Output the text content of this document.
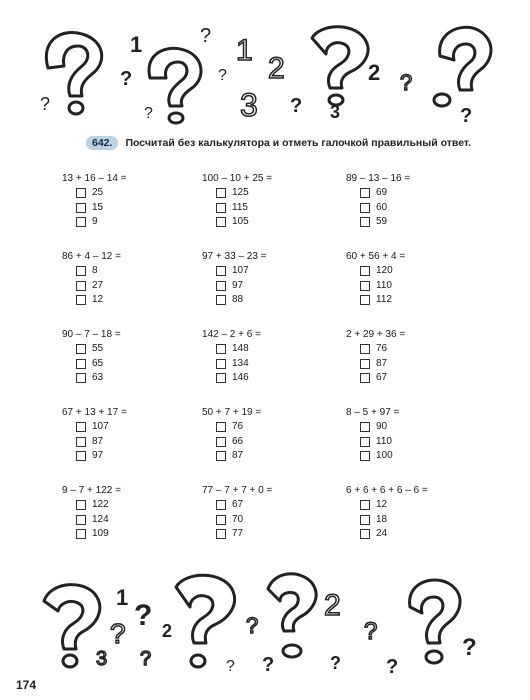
1
?
? 1
2
?	2 ?
?	3	3
?
?	?
642.	Посчитай без калькулятора и отметь галочкой правильный ответ.
13 + 16 – 14 =
25
15
9
100 – 10 + 25 =
125
115
105
89 – 13 – 16 =
69
60
59
86 + 4 – 12 =
8
27
12
97 + 33 – 23 =
107
97
88
60 + 56 + 4 =
120
110
112
90 – 7 – 18 =
55
65
63
142 – 2 + 6 =
148
134
146
2 + 29 + 36 =
76
87
67
67 + 13 + 17 =
107
87
97
50 + 7 + 19 =
76
66
87
8 – 5 + 97 =
90
110
100
9 – 7 + 122 =
122
124
109
77 – 7 + 7 + 0 =
67
70
77
6 + 6 + 6 + 6 – 6 =
12
18
24
1
?
? 2
3 ?
?
2
?
?	?
?	?
?
174
